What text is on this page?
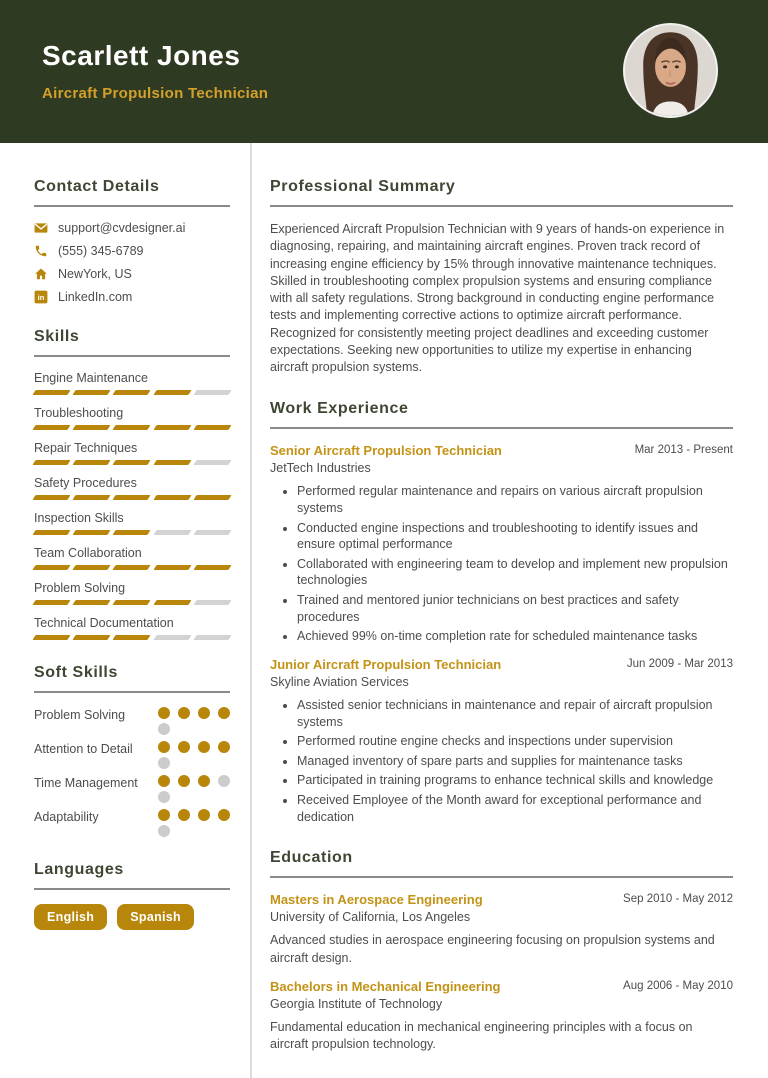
Scarlett Jones
Aircraft Propulsion Technician
Contact Details
support@cvdesigner.ai
(555) 345-6789
NewYork, US
in LinkedIn.com
Skills
Engine Maintenance
Troubleshooting
Repair Techniques
Safety Procedures
Inspection Skills
Team Collaboration
Problem Solving
Technical Documentation
Soft Skills
Problem Solving
Attention to Detail
Time Management
Adaptability
Languages
English	Spanish
Professional Summary

Experienced Aircraft Propulsion Technician with 9 years of hands-on experience in diagnosing, repairing, and maintaining aircraft engines. Proven track record of increasing engine efficiency by 15% through innovative maintenance techniques. Skilled in troubleshooting complex propulsion systems and ensuring compliance with all safety regulations. Strong background in conducting engine performance tests and implementing corrective actions to optimize aircraft performance. Recognized for consistently meeting project deadlines and exceeding customer expectations. Seeking new opportunities to utilize my expertise in enhancing aircraft propulsion systems.

Work Experience
Senior Aircraft Propulsion Technician	Mar 2013 - Present
JetTech Industries
• Performed regular maintenance and repairs on various aircraft propulsion systems
• Conducted engine inspections and troubleshooting to identify issues and ensure optimal performance
• Collaborated with engineering team to develop and implement new propulsion technologies
• Trained and mentored junior technicians on best practices and safety procedures
• Achieved 99% on-time completion rate for scheduled maintenance tasks
Junior Aircraft Propulsion Technician	Jun 2009 - Mar 2013
Skyline Aviation Services
• Assisted senior technicians in maintenance and repair of aircraft propulsion systems
• Performed routine engine checks and inspections under supervision
• Managed inventory of spare parts and supplies for maintenance tasks
• Participated in training programs to enhance technical skills and knowledge
• Received Employee of the Month award for exceptional performance and dedication
Education
Masters in Aerospace Engineering	Sep 2010 - May 2012
University of California, Los Angeles

Advanced studies in aerospace engineering focusing on propulsion systems and aircraft design.

Bachelors in Mechanical Engineering	Aug 2006 - May 2010
Georgia Institute of Technology

Fundamental education in mechanical engineering principles with a focus on aircraft propulsion technology.
